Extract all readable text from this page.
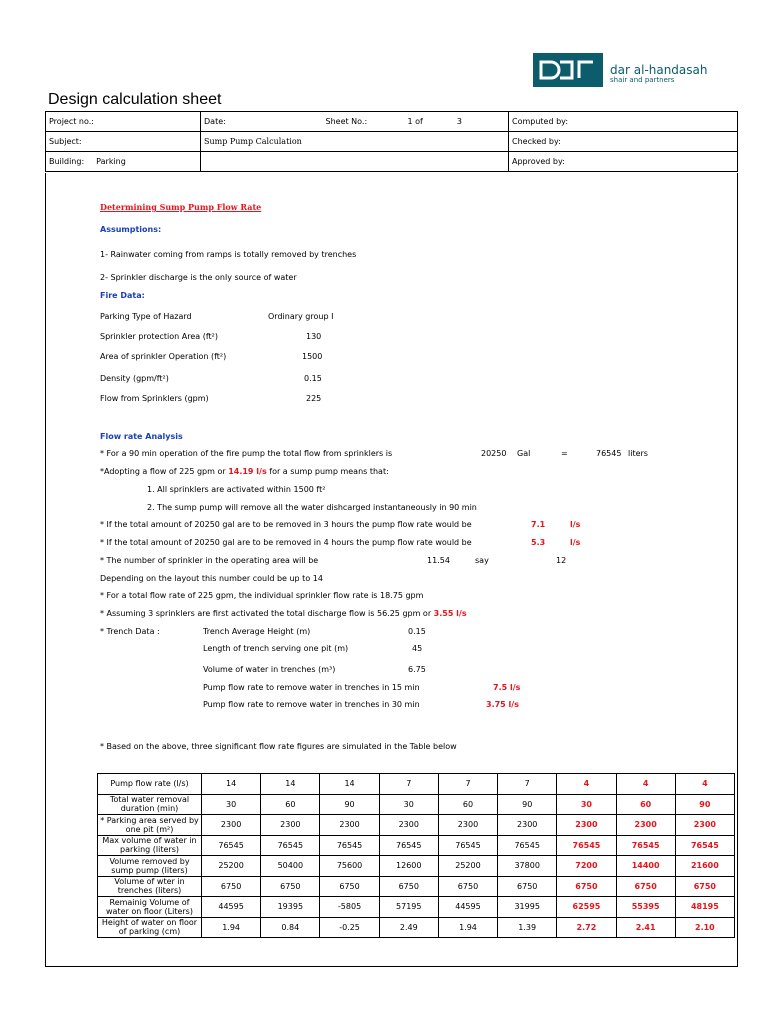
dar al-handasah
shair and partners
Design calculation sheet
Project no.:	Date:	Sheet No.:	1 of 3	Computed by:
Subject:	Sump Pump Calculation			Checked by:
Building: Parking				Approved by:
Determining Sump Pump Flow Rate
Assumptions:
1- Rainwater coming from ramps is totally removed by trenches
2- Sprinkler discharge is the only source of water
Fire Data:
Parking Type of Hazard	Ordinary group I
Sprinkler protection Area (ft²)	130
Area of sprinkler Operation (ft²)	1500
Density (gpm/ft²)	0.15
Flow from Sprinklers (gpm)	225
Flow rate Analysis
* For a 90 min operation of the fire pump the total flow from sprinklers is	20250 Gal	=	76545 liters
*Adopting a flow of 225 gpm or 14.19 l/s for a sump pump means that:
1. All sprinklers are activated within 1500 ft²
2. The sump pump will remove all the water dishcarged instantaneously in 90 min
* If the total amount of 20250 gal are to be removed in 3 hours the pump flow rate would be	7.1	l/s
* If the total amount of 20250 gal are to be removed in 4 hours the pump flow rate would be	5.3	l/s
* The number of sprinkler in the operating area will be	11.54	say	12
Depending on the layout this number could be up to 14
* For a total flow rate of 225 gpm, the individual sprinkler flow rate is 18.75 gpm
* Assuming 3 sprinklers are first activated the total discharge flow is 56.25 gpm or 3.55 l/s
* Trench Data :	Trench Average Height (m)	0.15
Length of trench serving one pit (m)	45
Volume of water in trenches (m³)	6.75
Pump flow rate to remove water in trenches in 15 min	7.5 l/s
Pump flow rate to remove water in trenches in 30 min	3.75 l/s
* Based on the above, three significant flow rate figures are simulated in the Table below
Pump flow rate (l/s)	14	14	14	7	7	7	4	4	4
Total water removal duration (min)	30	60	90	30	60	90	30	60	90
* Parking area served by one pit (m²)	2300	2300	2300	2300	2300	2300	2300	2300	2300
Max volume of water in parking (liters)	76545	76545	76545	76545	76545	76545	76545	76545	76545
Volume removed by sump pump (liters)	25200	50400	75600	12600	25200	37800	7200	14400	21600
Volume of wter in trenches (liters)	6750	6750	6750	6750	6750	6750	6750	6750	6750
Remainig Volume of water on floor (Liters)	44595	19395	-5805	57195	44595	31995	62595	55395	48195
Height of water on floor of parking (cm)	1.94	0.84	-0.25	2.49	1.94	1.39	2.72	2.41	2.10
